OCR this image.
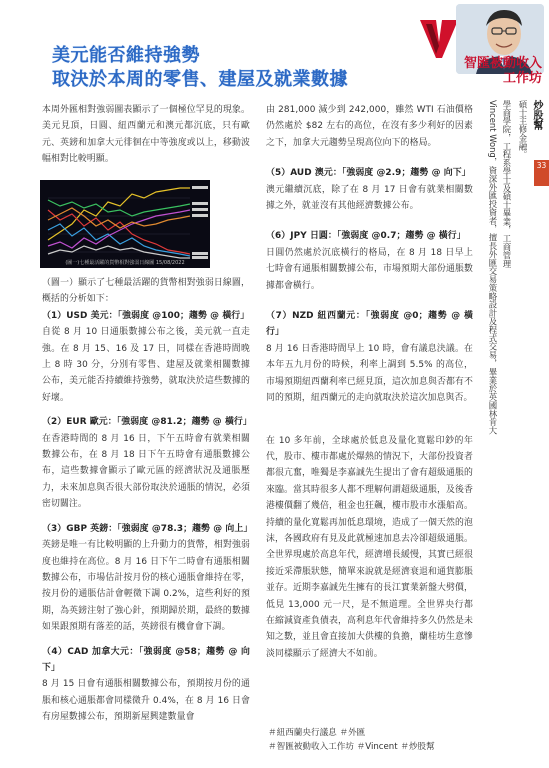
美元能否維持強勢
取決於本周的零售、建屋及就業數據
智匯被動收入
工作坊

本周外匯相對強弱圖表顯示了一個極位罕見的現象。美元見頂，日圓、紐西蘭元和澳元都沉底，只有歐元、英鎊和加拿大元徘徊在中等強度或以上，移動波幅相對比較明顯。

(圖一)七種最活躍的貨幣相對強弱日線圖 15/08/2022

（圖一）顯示了七種最活躍的貨幣相對強弱日線圖，概括的分析如下：

（1）USD 美元：「強弱度 @100；趨勢 @ 橫行」

自從 8 月 10 日通脹數據公布之後，美元就一直走強。在 8 月 15、16 及 17 日，同樣在香港時間晚上 8 時 30 分，分別有零售、建屋及就業相關數據公布，美元能否持續維持強勢，就取決於這些數據的好壞。

（2）EUR 歐元：「強弱度 @81.2；趨勢 @ 橫行」

在香港時間的 8 月 16 日，下午五時會有就業相關數據公布，在 8 月 18 日下午五時會有通脹數據公布，這些數據會顯示了歐元區的經濟狀況及通脹壓力，未來加息與否很大部份取決於通脹的情況，必須密切關注。

（3）GBP 英鎊：「強弱度 @78.3；趨勢 @ 向上」

英鎊是唯一有比較明顯的上升動力的貨幣，相對強弱度也維持在高位。8 月 16 日下午二時會有通脹相關數據公布，市場估計按月份的核心通脹會維持在零，按月份的通脹估計會輕微下調 0.2%，這些利好的預期，為英鎊注射了強心針，預期歸於期，最終的數據如果跟預期有落差的話，英鎊很有機會會下調。

（4）CAD 加拿大元：「強弱度 @58；趨勢 @ 向下」

8 月 15 日會有通脹相關數據公布，預期按月份的通脹和核心通脹都會同樣微升 0.4%，在 8 月 16 日會有房屋數據公布，預期新屋興建數量會

由 281,000 減少到 242,000，雖然 WTI 石油價格仍然處於 $82 左右的高位，在沒有多少利好的因素之下，加拿大元趨勢呈現高位向下的格局。

（5）AUD 澳元：「強弱度 @2.9；趨勢 @ 向下」

澳元繼續沉底，除了在 8 月 17 日會有就業相關數據之外，就並沒有其他經濟數據公布。

（6）JPY 日圓：「強弱度 @0.7；趨勢 @ 橫行」

日圓仍然處於沉底橫行的格局，在 8 月 18 日早上七時會有通脹相關數據公布，市場預期大部份通脹數據都會橫行。

（7）NZD 紐西蘭元：「強弱度 @0；趨勢 @ 橫行」

8 月 16 日香港時間早上 10 時，會有議息決議。在本年五九月份的時候，利率上調到 5.5% 的高位，市場預期紐西蘭利率已經見頂，這次加息與否都有不同的預期，紐西蘭元的走向就取決於這次加息與否。

在 10 多年前，全球處於低息及量化寬鬆印鈔的年代，股市、樓市都處於爆熱的情況下，大部份投資者都很亢奮，唯獨是李嘉誠先生提出了會有超級通脹的來臨。當其時很多人都不理解何謂超級通脹，及後香港樓價翻了幾倍，租金也狂飆，樓市股市水漲船高。持續的量化寬鬆再加低息環境，造成了一個天然的泡沫，各國政府有見及此就極速加息去冷卻超級通脹。全世界現處於高息年代，經濟增長緩慢，其實已經很接近采滯脹狀態，簡單來說就是經濟衰退和通貨膨脹並存。近期李嘉誠先生擁有的長江實業新盤大劈價，低見 13,000 元一尺，是不無道理。全世界央行都在縮減資產負債表，高利息年代會維持多久仍然是未知之數，並且會直接加大供樓的負擔，蘭桂坊生意慘淡同樣顯示了經濟大不如前。

＃紐西蘭央行議息 ＃外匯
＃智匯被動收入工作坊 ＃Vincent ＃炒股幫
炒股幫
Vincent Wong，資深外匯投資者，擅長外匯交易策略設計及程式交易，畢業於英國林肯大 學商學院，工程系學士及碩士畢業，工商管理 碩士主修金融。
33
